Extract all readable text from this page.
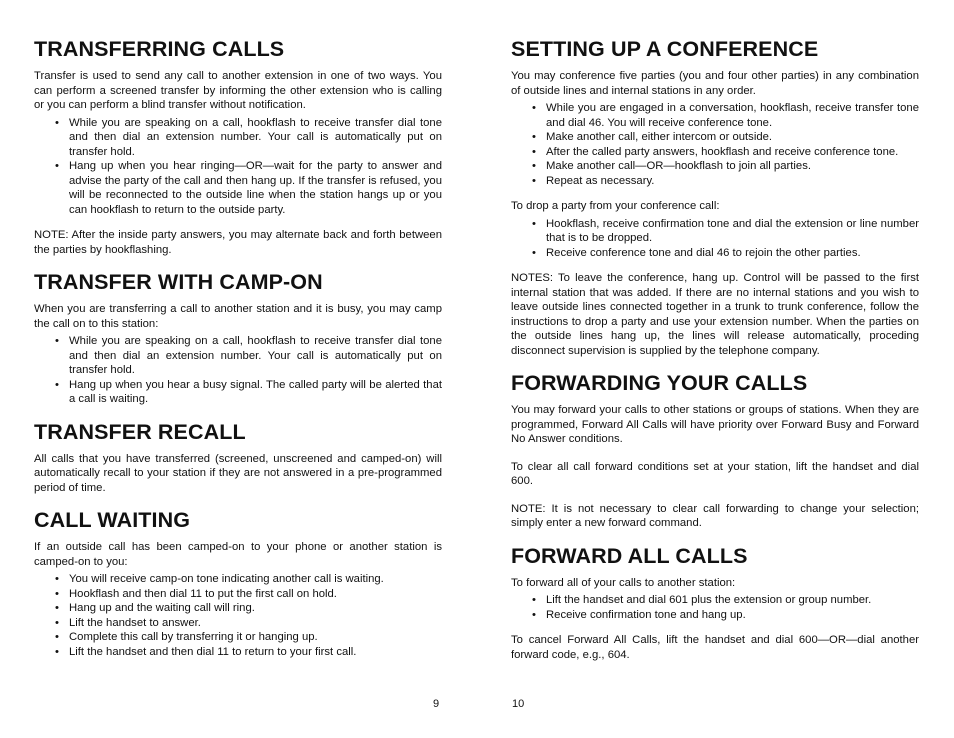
TRANSFERRING CALLS

Transfer is used to send any call to another extension in one of two ways. You can perform a screened transfer by informing the other extension who is calling or you can perform a blind transfer without notification.

• While you are speaking on a call, hookflash to receive transfer dial tone and then dial an extension number. Your call is automatically put on transfer hold.
• Hang up when you hear ringing—OR—wait for the party to answer and advise the party of the call and then hang up. If the transfer is refused, you will be reconnected to the outside line when the station hangs up or you can hookflash to return to the outside party.

NOTE: After the inside party answers, you may alternate back and forth between the parties by hookflashing.

TRANSFER WITH CAMP-ON

When you are transferring a call to another station and it is busy, you may camp the call on to this station:

• While you are speaking on a call, hookflash to receive transfer dial tone and then dial an extension number. Your call is automatically put on transfer hold.
• Hang up when you hear a busy signal. The called party will be alerted that a call is waiting.
TRANSFER RECALL

All calls that you have transferred (screened, unscreened and camped-on) will automatically recall to your station if they are not answered in a pre-programmed period of time.

CALL WAITING

If an outside call has been camped-on to your phone or another station is camped-on to you:

• You will receive camp-on tone indicating another call is waiting.
• Hookflash and then dial 11 to put the first call on hold.
• Hang up and the waiting call will ring.
• Lift the handset to answer.
• Complete this call by transferring it or hanging up.
• Lift the handset and then dial 11 to return to your first call.
SETTING UP A CONFERENCE

You may conference five parties (you and four other parties) in any combination of outside lines and internal stations in any order.

• While you are engaged in a conversation, hookflash, receive transfer tone and dial 46. You will receive conference tone.
• Make another call, either intercom or outside.
• After the called party answers, hookflash and receive conference tone.
• Make another call—OR—hookflash to join all parties.
• Repeat as necessary.

To drop a party from your conference call:

• Hookflash, receive confirmation tone and dial the extension or line number that is to be dropped.
• Receive conference tone and dial 46 to rejoin the other parties.

NOTES: To leave the conference, hang up. Control will be passed to the first internal station that was added. If there are no internal stations and you wish to leave outside lines connected together in a trunk to trunk conference, follow the instructions to drop a party and use your extension number. When the parties on the outside lines hang up, the lines will release automatically, proceding disconnect supervision is supplied by the telephone company.

FORWARDING YOUR CALLS

You may forward your calls to other stations or groups of stations. When they are programmed, Forward All Calls will have priority over Forward Busy and Forward No Answer conditions.

To clear all call forward conditions set at your station, lift the handset and dial 600.

NOTE: It is not necessary to clear call forwarding to change your selection; simply enter a new forward command.

FORWARD ALL CALLS

To forward all of your calls to another station:

• Lift the handset and dial 601 plus the extension or group number.
• Receive confirmation tone and hang up.

To cancel Forward All Calls, lift the handset and dial 600—OR—dial another forward code, e.g., 604.

9	10
